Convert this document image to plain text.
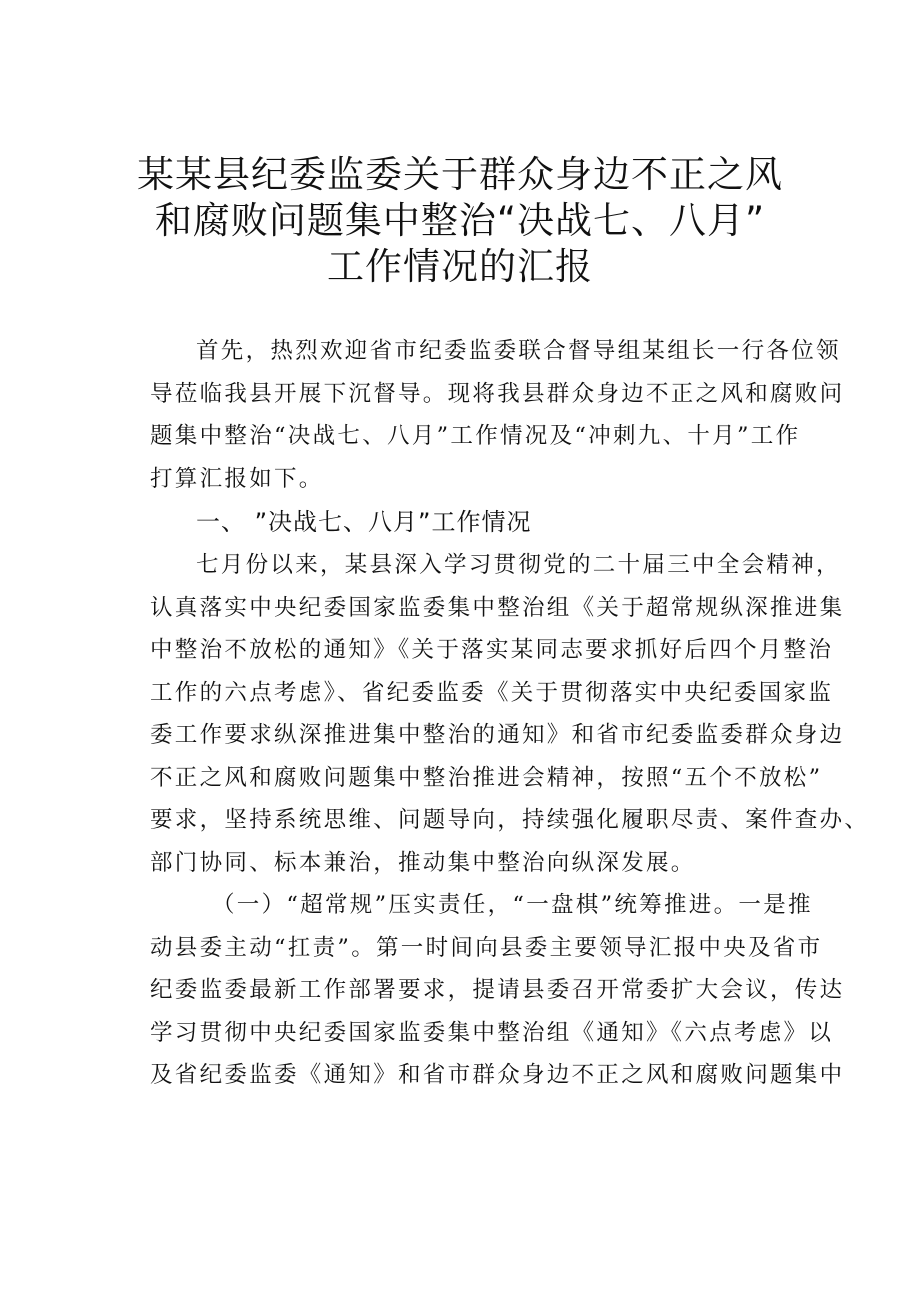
某某县纪委监委关于群众身边不正之风
和腐败问题集中整治“决战七、八月”
工作情况的汇报
首先，热烈欢迎省市纪委监委联合督导组某组长一行各位领
导莅临我县开展下沉督导。现将我县群众身边不正之风和腐败问
题集中整治“决战七、八月”工作情况及“冲刺九、十月”工作
打算汇报如下。
一、 ”决战七、八月”工作情况
七月份以来，某县深入学习贯彻党的二十届三中全会精神，
认真落实中央纪委国家监委集中整治组《关于超常规纵深推进集
中整治不放松的通知》《关于落实某同志要求抓好后四个月整治
工作的六点考虑》、省纪委监委《关于贯彻落实中央纪委国家监
委工作要求纵深推进集中整治的通知》和省市纪委监委群众身边
不正之风和腐败问题集中整治推进会精神，按照“五个不放松”
要求，坚持系统思维、问题导向，持续强化履职尽责、案件查办、
部门协同、标本兼治，推动集中整治向纵深发展。
（一）“超常规”压实责任，“一盘棋”统筹推进。一是推
动县委主动“扛责”。第一时间向县委主要领导汇报中央及省市
纪委监委最新工作部署要求，提请县委召开常委扩大会议，传达
学习贯彻中央纪委国家监委集中整治组《通知》《六点考虑》以
及省纪委监委《通知》和省市群众身边不正之风和腐败问题集中
